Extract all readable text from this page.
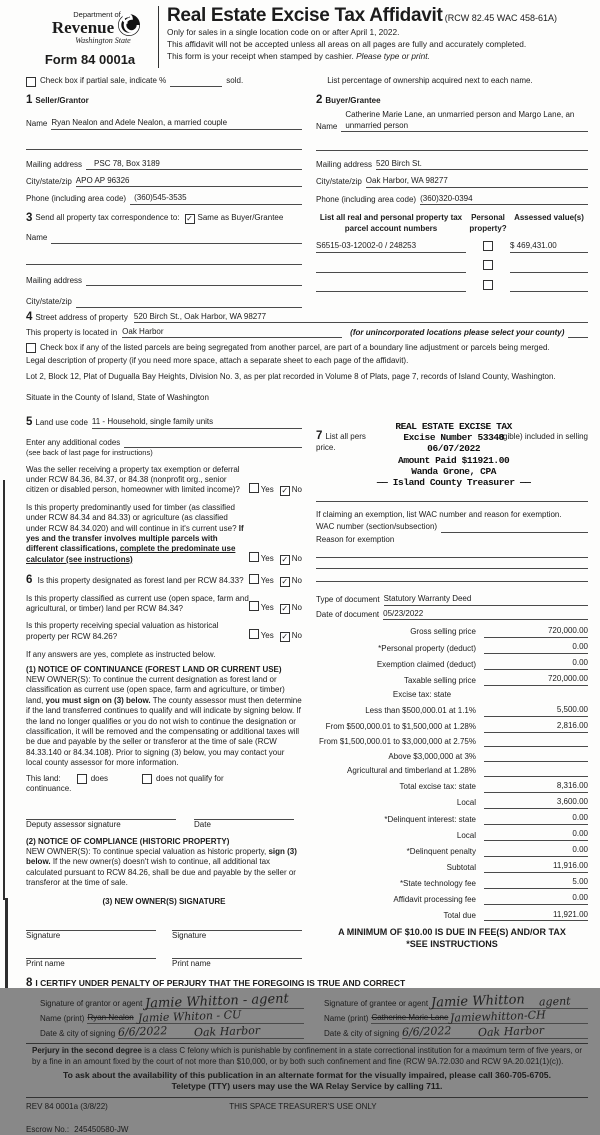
Department of
Revenue
Washington State
Form 84 0001a
Real Estate Excise Tax Affidavit (RCW 82.45 WAC 458-61A)
Only for sales in a single location code on or after April 1, 2022.
This affidavit will not be accepted unless all areas on all pages are fully and accurately completed.
This form is your receipt when stamped by cashier. Please type or print.
Check box if partial sale, indicate %	sold.	List percentage of ownership acquired next to each name.
1 Seller/Grantor
Name Ryan Nealon and Adele Nealon, a married couple
Mailing address	PSC 78, Box 3189
City/state/zip APO AP 96326
Phone (including area code)	(360)545-3535
3 Send all property tax correspondence to: ✓ Same as Buyer/Grantee
Name
Mailing address
City/state/zip
2 Buyer/Grantee
Name
Catherine Marie Lane, an unmarried person and Margo Lane, an unmarried person
Mailing address 520 Birch St.
City/state/zip Oak Harbor, WA 98277
Phone (including area code) (360)320-0394
List all real and personal property tax parcel account numbers
Personal property?
Assessed value(s)
S6515-03-12002-0 / 248253	$ 469,431.00
4 Street address of property 520 Birch St., Oak Harbor, WA 98277
This property is located in Oak Harbor	(for unincorporated locations please select your county)
Check box if any of the listed parcels are being segregated from another parcel, are part of a boundary line adjustment or parcels being merged.
Legal description of property (if you need more space, attach a separate sheet to each page of the affidavit).
Lot 2, Block 12, Plat of Dugualla Bay Heights, Division No. 3, as per plat recorded in Volume 8 of Plats, page 7, records of Island County, Washington.
Situate in the County of Island, State of Washington
5 Land use code 11 - Household, single family units
Enter any additional codes
(see back of last page for instructions)
Was the seller receiving a property tax exemption or deferral under RCW 84.36, 84.37, or 84.38 (nonprofit org., senior citizen or disabled person, homeowner with limited income)?	Yes ✓ No
Is this property predominantly used for timber (as classified under RCW 84.34 and 84.33) or agriculture (as classified under RCW 84.34.020) and will continue in it's current use? If yes and the transfer involves multiple parcels with different classifications, complete the predominate use calculator (see instructions)	Yes ✓ No
6 Is this property designated as forest land per RCW 84.33?	Yes ✓ No
Is this property classified as current use (open space, farm and agricultural, or timber) land per RCW 84.34?	Yes ✓ No
Is this property receiving special valuation as historical property per RCW 84.26?	Yes ✓ No
If any answers are yes, complete as instructed below.
(1) NOTICE OF CONTINUANCE (FOREST LAND OR CURRENT USE)
NEW OWNER(S): To continue the current designation as forest land or classification as current use (open space, farm and agriculture, or timber) land, you must sign on (3) below. The county assessor must then determine if the land transferred continues to qualify and will indicate by signing below. If the land no longer qualifies or you do not wish to continue the designation or classification, it will be removed and the compensating or additional taxes will be due and payable by the seller or transferor at the time of sale (RCW 84.33.140 or 84.34.108). Prior to signing (3) below, you may contact your local county assessor for more information.
This land:	does	does not qualify for
continuance.
Deputy assessor signature	Date
(2) NOTICE OF COMPLIANCE (HISTORIC PROPERTY)
NEW OWNER(S): To continue special valuation as historic property, sign (3) below. If the new owner(s) doesn't wish to continue, all additional tax calculated pursuant to RCW 84.26, shall be due and payable by the seller or transferor at the time of sale.
(3) NEW OWNER(S) SIGNATURE
Signature	Signature
Print name	Print name
7 List all pers	ngible) included in selling
price.
REAL ESTATE EXCISE TAX
Excise Number 53348
06/07/2022
Amount Paid $11921.00
Wanda Grone, CPA
—— Island County Treasurer ——
If claiming an exemption, list WAC number and reason for exemption.
WAC number (section/subsection)
Reason for exemption
Type of document Statutory Warranty Deed
Date of document 05/23/2022
Gross selling price	720,000.00
*Personal property (deduct)	0.00
Exemption claimed (deduct)	0.00
Taxable selling price	720,000.00
Excise tax: state
Less than $500,000.01 at 1.1%	5,500.00
From $500,000.01 to $1,500,000 at 1.28%	2,816.00
From $1,500,000.01 to $3,000,000 at 2.75%
Above $3,000,000 at 3%
Agricultural and timberland at 1.28%
Total excise tax: state	8,316.00
Local	3,600.00
*Delinquent interest: state	0.00
Local	0.00
*Delinquent penalty	0.00
Subtotal	11,916.00
*State technology fee	5.00
Affidavit processing fee	0.00
Total due	11,921.00
A MINIMUM OF $10.00 IS DUE IN FEE(S) AND/OR TAX
*SEE INSTRUCTIONS
8 I CERTIFY UNDER PENALTY OF PERJURY THAT THE FOREGOING IS TRUE AND CORRECT
Signature of grantor or agent Jamie Whitton - agent
Name (print) Ryan Nealon Jamie Whiton - CU
Date & city of signing 6/6/2022 Oak Harbor
Signature of grantee or agent Jamie Whitton agent
Name (print) Catherine Marie Lane Jamiewhitton-CH
Date & city of signing 6/6/2022 Oak Harbor
Perjury in the second degree is a class C felony which is punishable by confinement in a state correctional institution for a maximum term of five years, or by a fine in an amount fixed by the court of not more than $10,000, or by both such confinement and fine (RCW 9A.72.030 and RCW 9A.20.021(1)(c)).
To ask about the availability of this publication in an alternate format for the visually impaired, please call 360-705-6705. Teletype (TTY) users may use the WA Relay Service by calling 711.
REV 84 0001a (3/8/22)	THIS SPACE TREASURER'S USE ONLY
Escrow No.: 245450580-JW
